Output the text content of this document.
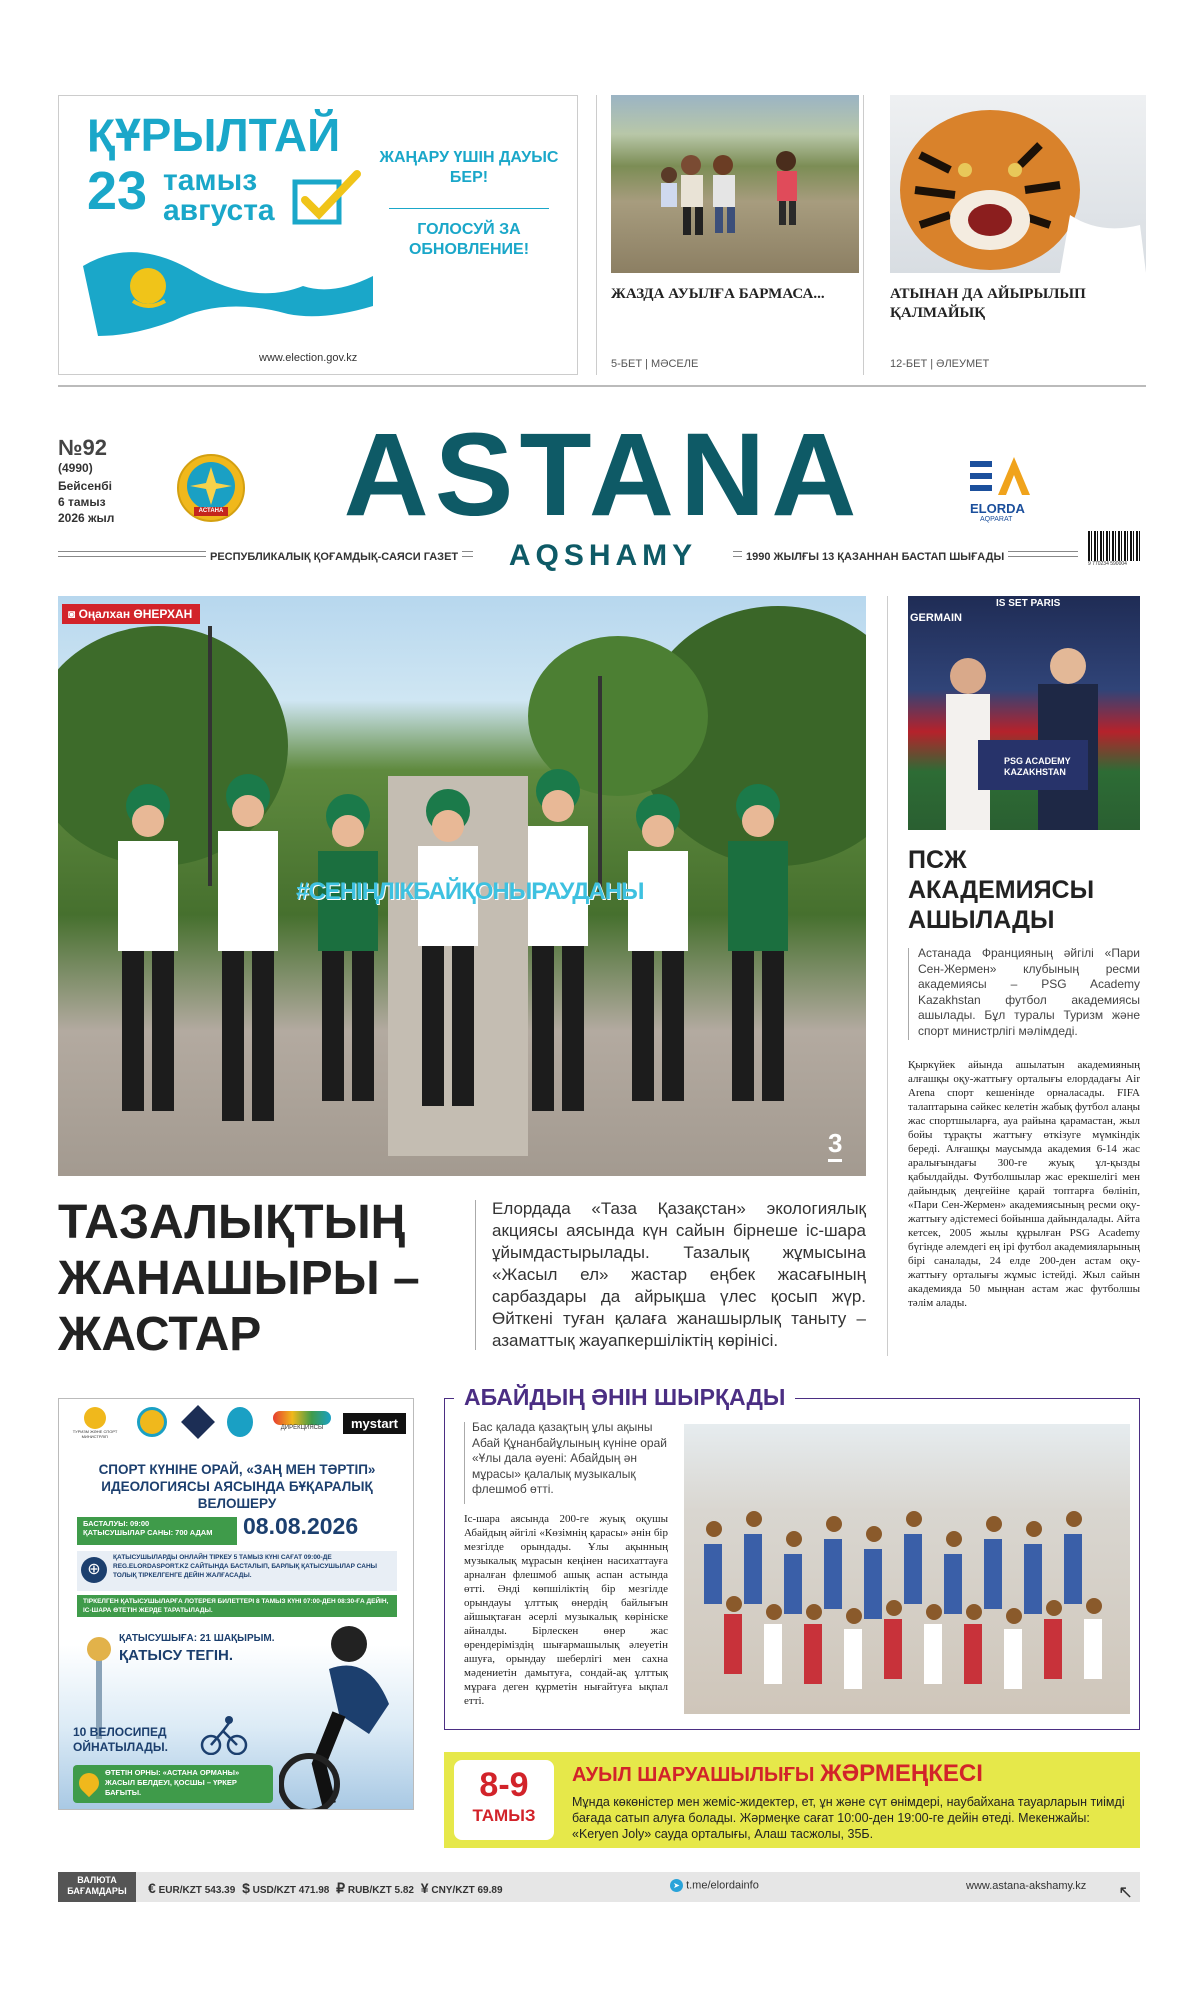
ҚҰРЫЛТАЙ
23 тамыз
августа
ЖАҢАРУ ҮШІН ДАУЫС БЕР!
ГОЛОСУЙ ЗА ОБНОВЛЕНИЕ!
www.election.gov.kz
ЖАЗДА АУЫЛҒА БАРМАСА...
5-БЕТ | МӘСЕЛЕ
АТЫНАН ДА АЙЫРЫЛЫП ҚАЛМАЙЫҚ
12-БЕТ | ӘЛЕУМЕТ
№92
(4990)
Бейсенбі
6 тамыз
2026 жыл	АСТАНА	ASTANA	ELORDA
AQPARAT
РЕСПУБЛИКАЛЫҚ ҚОҒАМДЫҚ-САЯСИ ГАЗЕТ	AQSHAMY	1990 ЖЫЛҒЫ 13 ҚАЗАННАН БАСТАП ШЫҒАДЫ
9 770234 590004
◙ Оңалхан ӨНЕРХАН
#СЕНІҢЛІКБАЙҚОНЫРАУДАНЫ
3
ТАЗАЛЫҚТЫҢ
ЖАНАШЫРЫ –
ЖАСТАР
Елордада «Таза Қазақстан» экологиялық акциясы аясында күн сайын бірнеше іс-шара ұйымдастырылады. Тазалық жұмысына «Жасыл ел» жастар еңбек жасағының сарбаздары да айрықша үлес қосып жүр. Өйткені туған қалаға жанашырлық таныту – азаматтық жауапкершіліктің көрінісі.
GERMAIN
IS SET PARIS
PSG ACADEMY KAZAKHSTAN
ПСЖ
АКАДЕМИЯСЫ
АШЫЛАДЫ
Астанада Францияның әйгілі «Пари Сен-Жермен» клубының ресми академиясы – PSG Academy Kazakhstan футбол академиясы ашылады. Бұл туралы Туризм және спорт министрлігі мәлімдеді.
Қыркүйек айында ашылатын академияның алғашқы оқу-жаттығу орталығы елордадағы Air Arena спорт кешенінде орналасады. FIFA талаптарына сәйкес келетін жабық футбол алаңы жас спортшыларға, ауа райына қарамастан, жыл бойы тұрақты жаттығу өткізуге мүмкіндік береді. Алғашқы маусымда академия 6-14 жас аралығындағы 300-ге жуық ұл-қызды қабылдайды. Футболшылар жас ерекшелігі мен дайындық деңгейіне қарай топтарға бөлініп, «Пари Сен-Жермен» академиясының ресми оқу-жаттығу әдістемесі бойынша дайындалады. Айта кетсек, 2005 жылы құрылған PSG Academy бүгінде әлемдегі ең ірі футбол академияларының бірі саналады, 24 елде 200-ден астам оқу-жаттығу орталығы жұмыс істейді. Жыл сайын академияда 50 мыңнан астам жас футболшы тәлім алады.
ТУРИЗМ ЖӘНЕ СПОРТ МИНИСТРЛІГІ
ДИРЕКЦИЯСЫ	mystart
СПОРТ КҮНІНЕ ОРАЙ, «ЗАҢ МЕН ТӘРТІП» ИДЕОЛОГИЯСЫ АЯСЫНДА БҰҚАРАЛЫҚ ВЕЛОШЕРУ
БАСТАЛУЫ: 09:00
ҚАТЫСУШЫЛАР САНЫ: 700 АДАМ	08.08.2026
⊕
ҚАТЫСУШЫЛАРДЫ ОНЛАЙН ТІРКЕУ 5 ТАМЫЗ КҮНІ САҒАТ 09:00-ДЕ REG.ELORDASPORT.KZ САЙТЫНДА БАСТАЛЫП, БАРЛЫҚ ҚАТЫСУШЫЛАР САНЫ ТОЛЫҚ ТІРКЕЛГЕНГЕ ДЕЙІН ЖАЛҒАСАДЫ.
ТІРКЕЛГЕН ҚАТЫСУШЫЛАРҒА ЛОТЕРЕЯ БИЛЕТТЕРІ 8 ТАМЫЗ КҮНІ 07:00-ДЕН 08:30-ҒА ДЕЙІН, ІС-ШАРА ӨТЕТІН ЖЕРДЕ ТАРАТЫЛАДЫ.
ҚАТЫСУШЫҒА: 21 ШАҚЫРЫМ.
ҚАТЫСУ ТЕГІН.
10 ВЕЛОСИПЕД ОЙНАТЫЛАДЫ.
ӨТЕТІН ОРНЫ: «АСТАНА ОРМАНЫ» ЖАСЫЛ БЕЛДЕУІ, ҚОСШЫ – ҮРКЕР БАҒЫТЫ.
АБАЙДЫҢ ӘНІН ШЫРҚАДЫ
Бас қалада қазақтың ұлы ақыны Абай Құнанбайұлының күніне орай «Ұлы дала әуені: Абайдың ән мұрасы» қалалық музыкалық флешмоб өтті.
Іс-шара аясында 200-ге жуық оқушы Абайдың әйгілі «Көзімнің қарасы» әнін бір мезгілде орындады. Ұлы ақынның музыкалық мұрасын кеңінен насихаттауға арналған флешмоб ашық аспан астында өтті. Әнді көпшіліктің бір мезгілде орындауы ұлттық өнердің байлығын айшықтаған әсерлі музыкалық көрініске айналды. Бірлескен өнер жас өрендеріміздің шығармашылық әлеуетін ашуға, орындау шеберлігі мен сахна мәдениетін дамытуға, сондай-ақ ұлттық мұраға деген құрметін нығайтуға ықпал етті.
8-9
ТАМЫЗ
АУЫЛ ШАРУАШЫЛЫҒЫ ЖӘРМЕҢКЕСІ
Мұнда көкөністер мен жеміс-жидектер, ет, ұн және сүт өнімдері, наубайхана тауарларын тиімді бағада сатып алуға болады. Жәрмеңке сағат 10:00-ден 19:00-ге дейін өтеді. Мекенжайы: «Keryen Joly» сауда орталығы, Алаш тасжолы, 35Б.
ВАЛЮТА БАҒАМДАРЫ	€ EUR/KZT 543.39 $ USD/KZT 471.98 ₽ RUB/KZT 5.82 ¥ CNY/KZT 69.89	➤ t.me/elordainfo	www.astana-akshamy.kz ↖
